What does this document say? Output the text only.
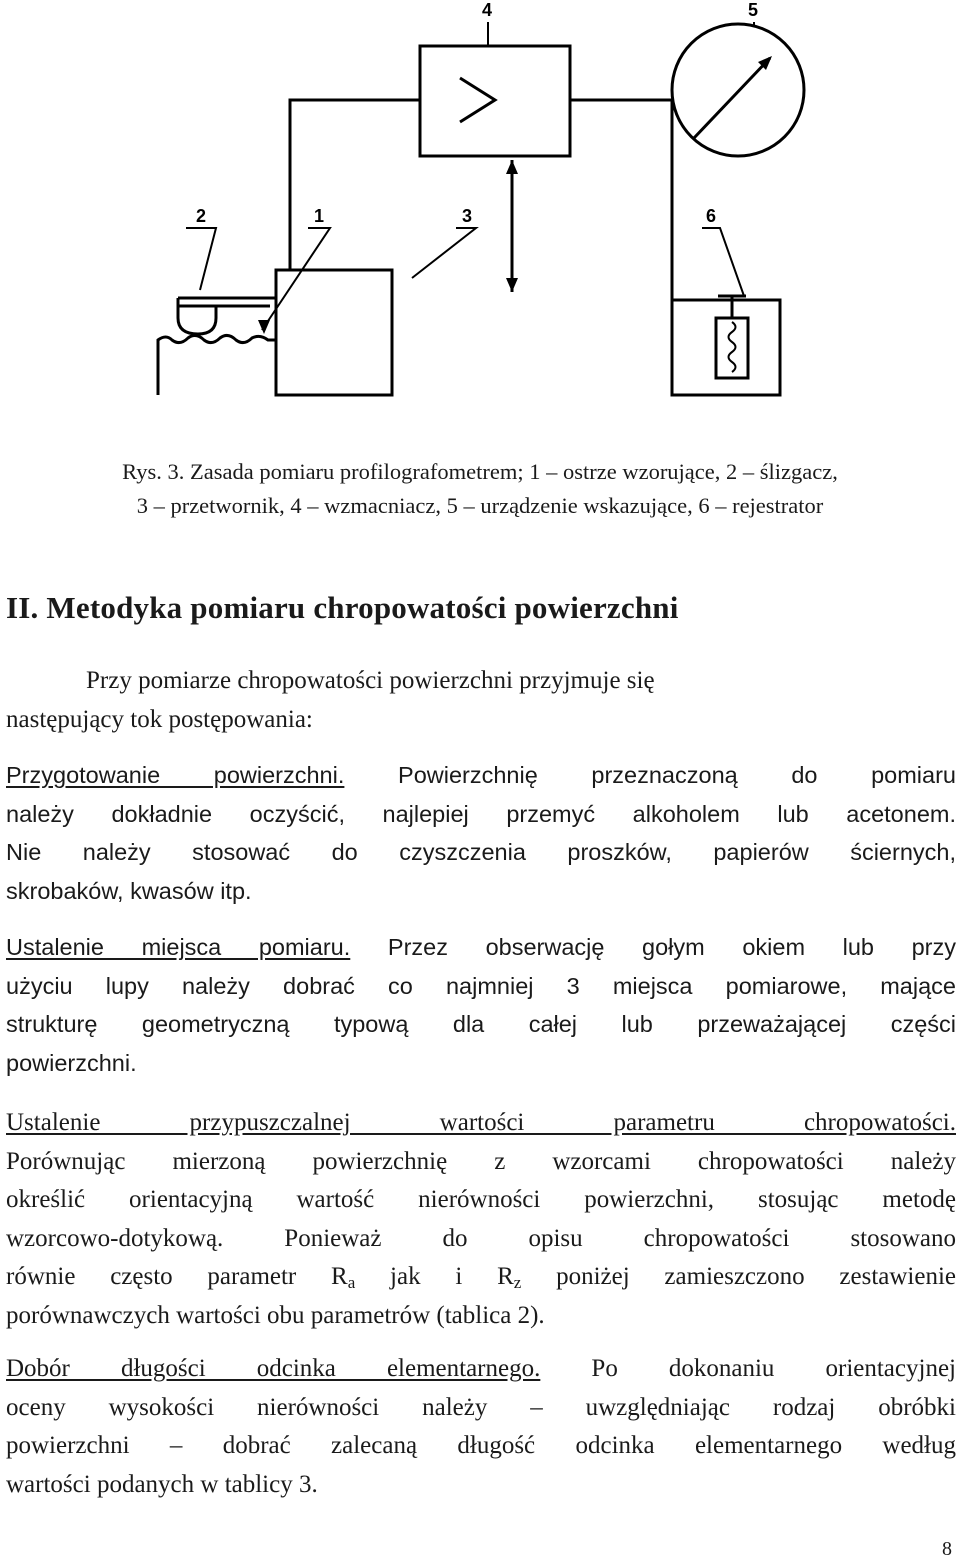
4	5
2	1	3	6
Rys. 3. Zasada pomiaru profilografometrem; 1 – ostrze wzorujące, 2 – ślizgacz,
3 – przetwornik, 4 – wzmacniacz, 5 – urządzenie wskazujące, 6 – rejestrator
II. Metodyka pomiaru chropowatości powierzchni
Przy pomiarze chropowatości powierzchni przyjmuje się
następujący tok postępowania:
Przygotowanie powierzchni. Powierzchnię przeznaczoną do pomiaru
należy dokładnie oczyścić, najlepiej przemyć alkoholem lub acetonem.
Nie należy stosować do czyszczenia proszków, papierów ściernych,
skrobaków, kwasów itp.
Ustalenie miejsca pomiaru. Przez obserwację gołym okiem lub przy
użyciu lupy należy dobrać co najmniej 3 miejsca pomiarowe, mające
strukturę geometryczną typową dla całej lub przeważającej części
powierzchni.
Ustalenie przypuszczalnej wartości parametru chropowatości.
Porównując mierzoną powierzchnię z wzorcami chropowatości należy
określić orientacyjną wartość nierówności powierzchni, stosując metodę
wzorcowo-dotykową. Ponieważ do opisu chropowatości stosowano
równie często parametr $R_a$ jak i $R_z$ poniżej zamieszczono zestawienie
porównawczych wartości obu parametrów (tablica 2).
Dobór długości odcinka elementarnego. Po dokonaniu orientacyjnej
oceny wysokości nierówności należy – uwzględniając rodzaj obróbki
powierzchni – dobrać zalecaną długość odcinka elementarnego według
wartości podanych w tablicy 3.
8
